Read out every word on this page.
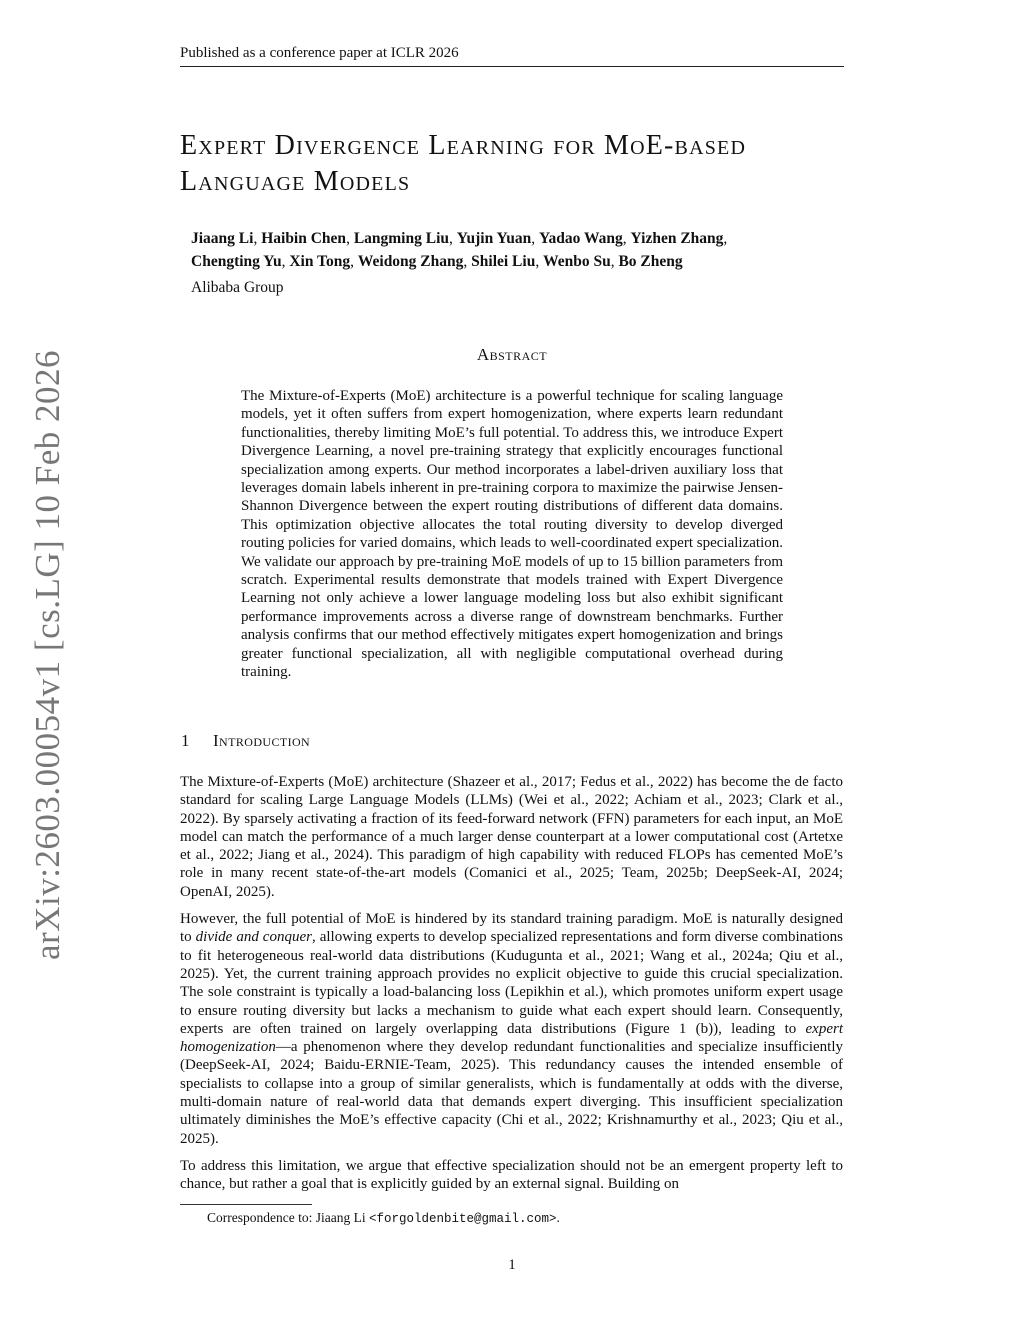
Published as a conference paper at ICLR 2026
arXiv:2603.00054v1 [cs.LG] 10 Feb 2026
Expert Divergence Learning for MoE-based
Language Models
Jiaang Li, Haibin Chen, Langming Liu, Yujin Yuan, Yadao Wang, Yizhen Zhang,
Chengting Yu, Xin Tong, Weidong Zhang, Shilei Liu, Wenbo Su, Bo Zheng
Alibaba Group
Abstract
The Mixture-of-Experts (MoE) architecture is a powerful technique for scaling language models, yet it often suffers from expert homogenization, where experts learn redundant functionalities, thereby limiting MoE’s full potential. To address this, we introduce Expert Divergence Learning, a novel pre-training strategy that explicitly encourages functional specialization among experts. Our method incorporates a label-driven auxiliary loss that leverages domain labels inherent in pre-training corpora to maximize the pairwise Jensen-Shannon Divergence between the expert routing distributions of different data domains. This optimization objective allocates the total routing diversity to develop diverged routing policies for varied domains, which leads to well-coordinated expert specialization. We validate our approach by pre-training MoE models of up to 15 billion parameters from scratch. Experimental results demonstrate that models trained with Expert Divergence Learning not only achieve a lower language modeling loss but also exhibit significant performance improvements across a diverse range of downstream benchmarks. Further analysis confirms that our method effectively mitigates expert homogenization and brings greater functional specialization, all with negligible computational overhead during training.
1 Introduction

The Mixture-of-Experts (MoE) architecture (Shazeer et al., 2017; Fedus et al., 2022) has become the de facto standard for scaling Large Language Models (LLMs) (Wei et al., 2022; Achiam et al., 2023; Clark et al., 2022). By sparsely activating a fraction of its feed-forward network (FFN) parameters for each input, an MoE model can match the performance of a much larger dense counterpart at a lower computational cost (Artetxe et al., 2022; Jiang et al., 2024). This paradigm of high capability with reduced FLOPs has cemented MoE’s role in many recent state-of-the-art models (Comanici et al., 2025; Team, 2025b; DeepSeek-AI, 2024; OpenAI, 2025).

However, the full potential of MoE is hindered by its standard training paradigm. MoE is naturally designed to divide and conquer, allowing experts to develop specialized representations and form diverse combinations to fit heterogeneous real-world data distributions (Kudugunta et al., 2021; Wang et al., 2024a; Qiu et al., 2025). Yet, the current training approach provides no explicit objective to guide this crucial specialization. The sole constraint is typically a load-balancing loss (Lepikhin et al.), which promotes uniform expert usage to ensure routing diversity but lacks a mechanism to guide what each expert should learn. Consequently, experts are often trained on largely overlapping data distributions (Figure 1 (b)), leading to expert homogenization—a phenomenon where they develop redundant functionalities and specialize insufficiently (DeepSeek-AI, 2024; Baidu-ERNIE-Team, 2025). This redundancy causes the intended ensemble of specialists to collapse into a group of similar generalists, which is fundamentally at odds with the diverse, multi-domain nature of real-world data that demands expert diverging. This insufficient specialization ultimately diminishes the MoE’s effective capacity (Chi et al., 2022; Krishnamurthy et al., 2023; Qiu et al., 2025).

To address this limitation, we argue that effective specialization should not be an emergent property left to chance, but rather a goal that is explicitly guided by an external signal. Building on

Correspondence to: Jiaang Li <forgoldenbite@gmail.com>.
1
